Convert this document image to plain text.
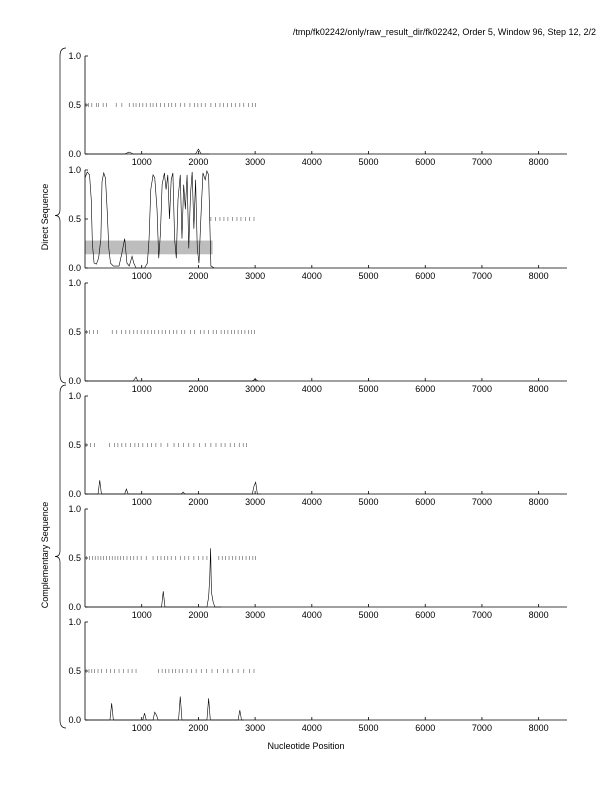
/tmp/fk02242/only/raw_result_dir/fk02242, Order 5, Window 96, Step 12, 2/2
Direct Sequence
Complementary Sequence
Nucleotide Position
0.0
0.5
1.0
1000	2000	3000	4000	5000	6000	7000	8000
0.0
0.5
1.0
1000	2000	3000	4000	5000	6000	7000	8000
0.0
0.5
1.0
1000	2000	3000	4000	5000	6000	7000	8000
0.0
0.5
1.0
1000	2000	3000	4000	5000	6000	7000	8000
0.0
0.5
1.0
1000	2000	3000	4000	5000	6000	7000	8000
0.0
0.5
1.0
1000	2000	3000	4000	5000	6000	7000	8000
